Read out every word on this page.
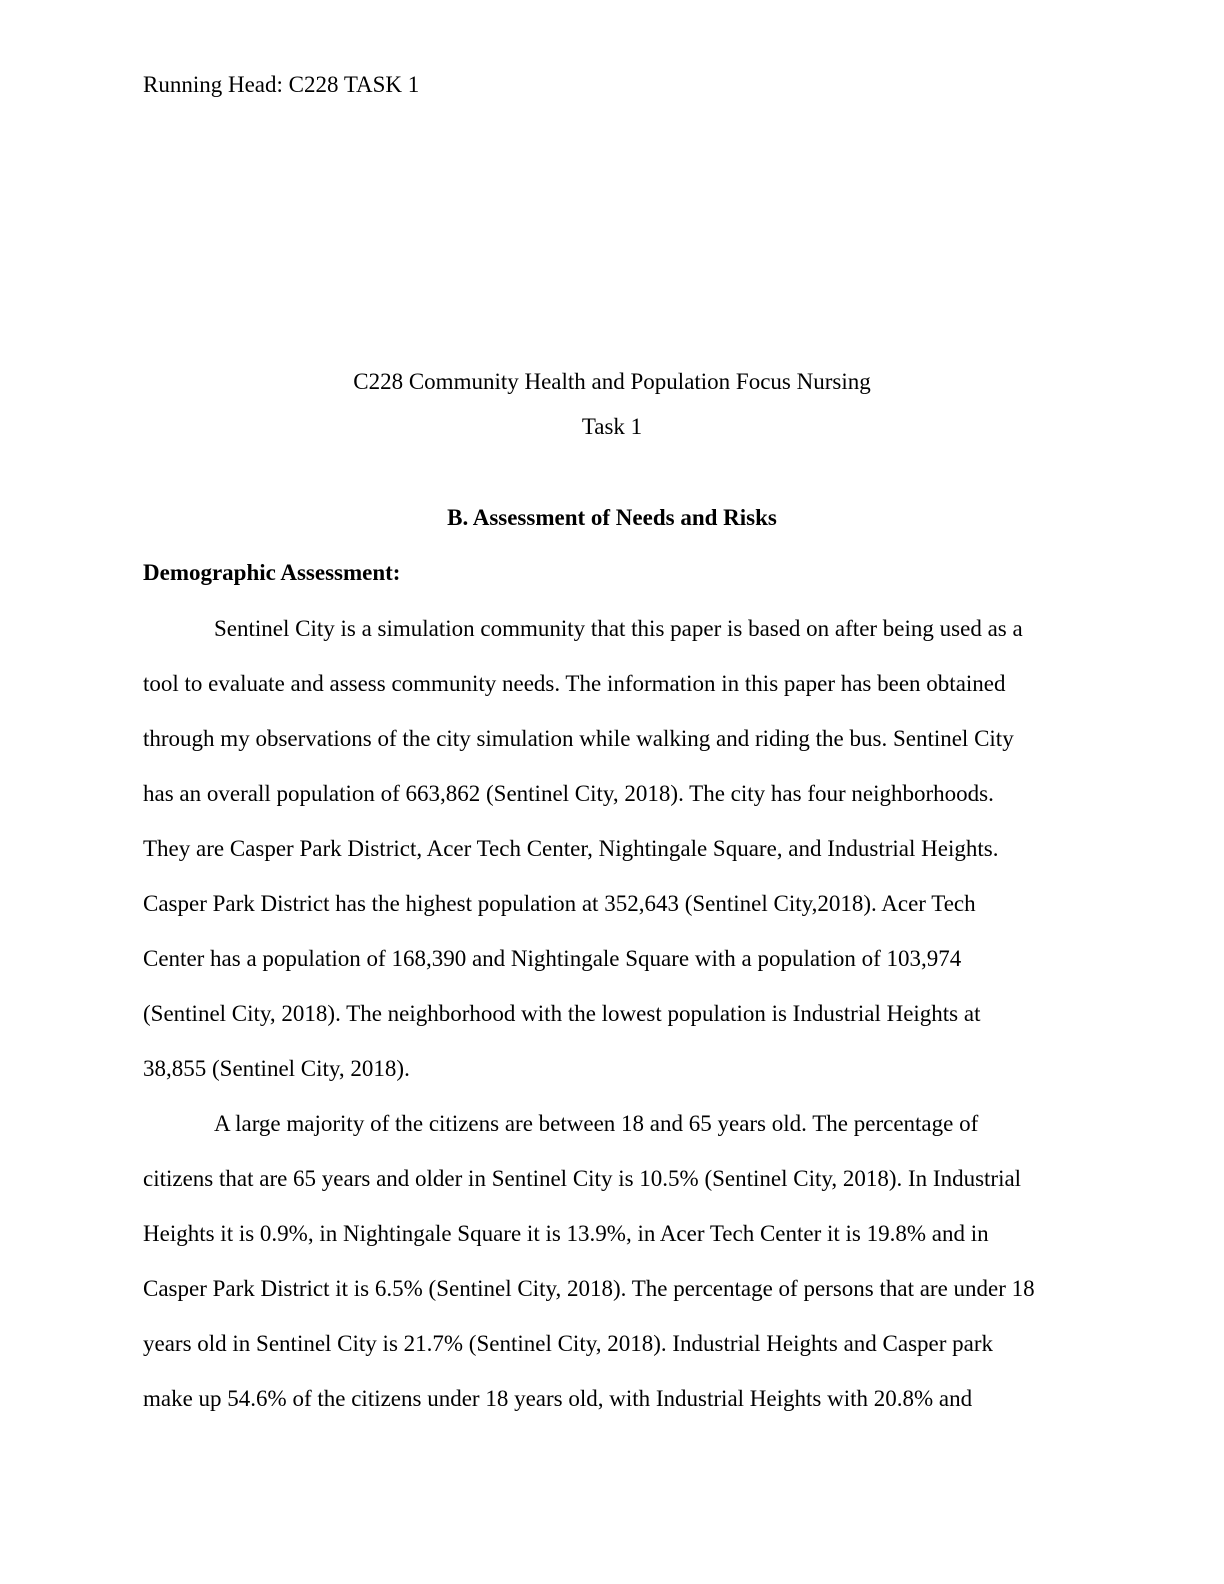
Running Head: C228 TASK 1
C228 Community Health and Population Focus Nursing
Task 1
B. Assessment of Needs and Risks
Demographic Assessment:
Sentinel City is a simulation community that this paper is based on after being used as a
tool to evaluate and assess community needs. The information in this paper has been obtained
through my observations of the city simulation while walking and riding the bus. Sentinel City
has an overall population of 663,862 (Sentinel City, 2018). The city has four neighborhoods.
They are Casper Park District, Acer Tech Center, Nightingale Square, and Industrial Heights.
Casper Park District has the highest population at 352,643 (Sentinel City,2018). Acer Tech
Center has a population of 168,390 and Nightingale Square with a population of 103,974
(Sentinel City, 2018). The neighborhood with the lowest population is Industrial Heights at
38,855 (Sentinel City, 2018).
A large majority of the citizens are between 18 and 65 years old. The percentage of
citizens that are 65 years and older in Sentinel City is 10.5% (Sentinel City, 2018). In Industrial
Heights it is 0.9%, in Nightingale Square it is 13.9%, in Acer Tech Center it is 19.8% and in
Casper Park District it is 6.5% (Sentinel City, 2018). The percentage of persons that are under 18
years old in Sentinel City is 21.7% (Sentinel City, 2018). Industrial Heights and Casper park
make up 54.6% of the citizens under 18 years old, with Industrial Heights with 20.8% and
